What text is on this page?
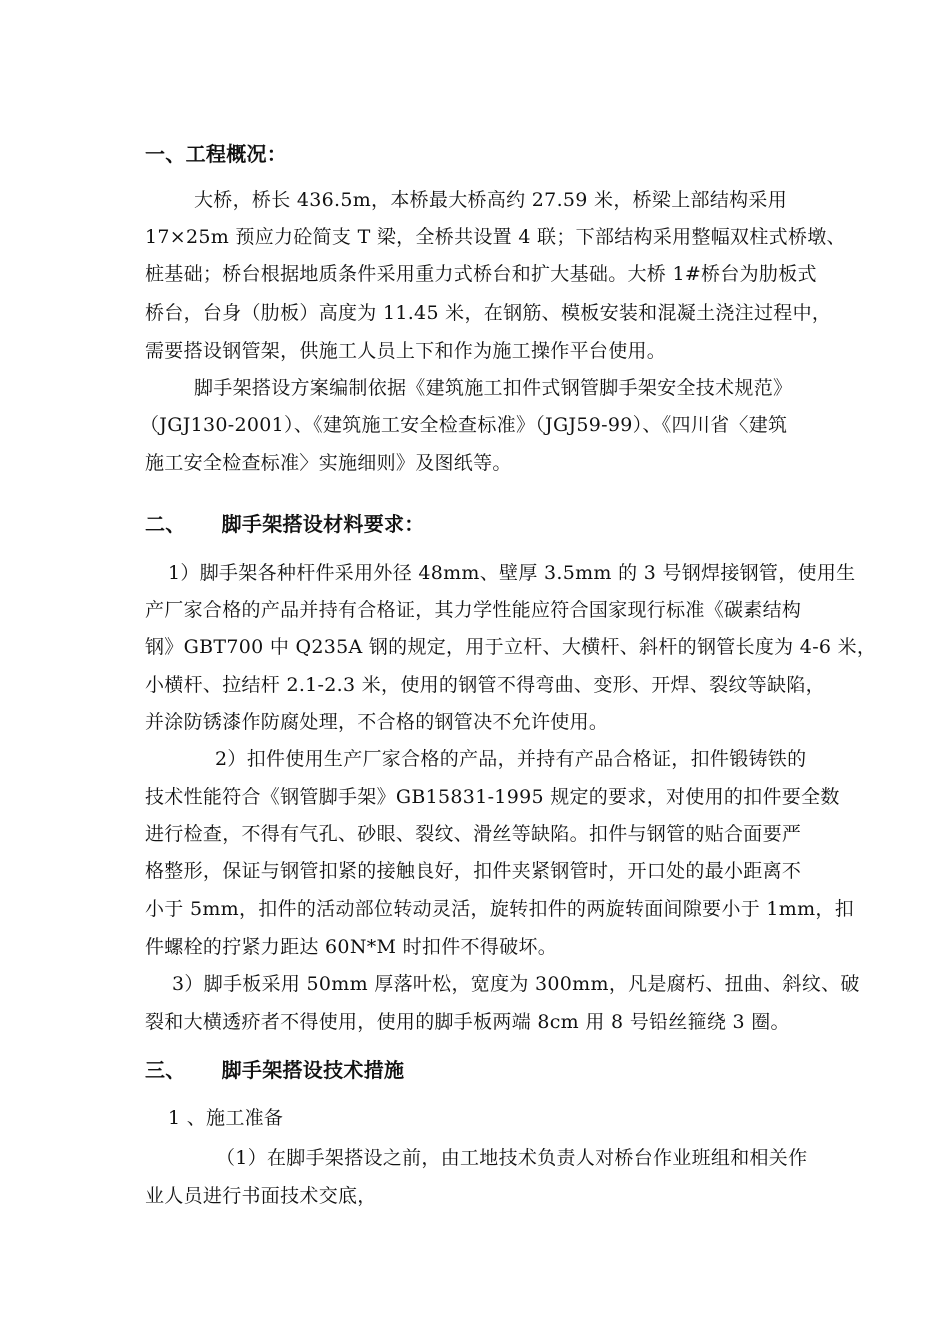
一、工程概况：
大桥，桥长 436.5m，本桥最大桥高约 27.59 米，桥梁上部结构采用
17×25m 预应力砼简支 T 梁，全桥共设置 4 联；下部结构采用整幅双柱式桥墩、
桩基础；桥台根据地质条件采用重力式桥台和扩大基础。大桥 1#桥台为肋板式
桥台，台身（肋板）高度为 11.45 米，在钢筋、模板安装和混凝土浇注过程中，
需要搭设钢管架，供施工人员上下和作为施工操作平台使用。
脚手架搭设方案编制依据《建筑施工扣件式钢管脚手架安全技术规范》
（JGJ130-2001）、《建筑施工安全检查标准》（JGJ59-99）、《四川省〈建筑
施工安全检查标准〉实施细则》及图纸等。
二、 脚手架搭设材料要求：
1）脚手架各种杆件采用外径 48mm、壁厚 3.5mm 的 3 号钢焊接钢管，使用生
产厂家合格的产品并持有合格证，其力学性能应符合国家现行标准《碳素结构
钢》GBT700 中 Q235A 钢的规定，用于立杆、大横杆、斜杆的钢管长度为 4-6 米，
小横杆、拉结杆 2.1-2.3 米，使用的钢管不得弯曲、变形、开焊、裂纹等缺陷，
并涂防锈漆作防腐处理，不合格的钢管决不允许使用。
2）扣件使用生产厂家合格的产品，并持有产品合格证，扣件锻铸铁的
技术性能符合《钢管脚手架》GB15831-1995 规定的要求，对使用的扣件要全数
进行检查，不得有气孔、砂眼、裂纹、滑丝等缺陷。扣件与钢管的贴合面要严
格整形，保证与钢管扣紧的接触良好，扣件夹紧钢管时，开口处的最小距离不
小于 5mm，扣件的活动部位转动灵活，旋转扣件的两旋转面间隙要小于 1mm，扣
件螺栓的拧紧力距达 60N*M 时扣件不得破坏。
3）脚手板采用 50mm 厚落叶松，宽度为 300mm，凡是腐朽、扭曲、斜纹、破
裂和大横透疥者不得使用，使用的脚手板两端 8cm 用 8 号铅丝箍绕 3 圈。
三、 脚手架搭设技术措施
1 、施工准备
（1）在脚手架搭设之前，由工地技术负责人对桥台作业班组和相关作
业人员进行书面技术交底，
